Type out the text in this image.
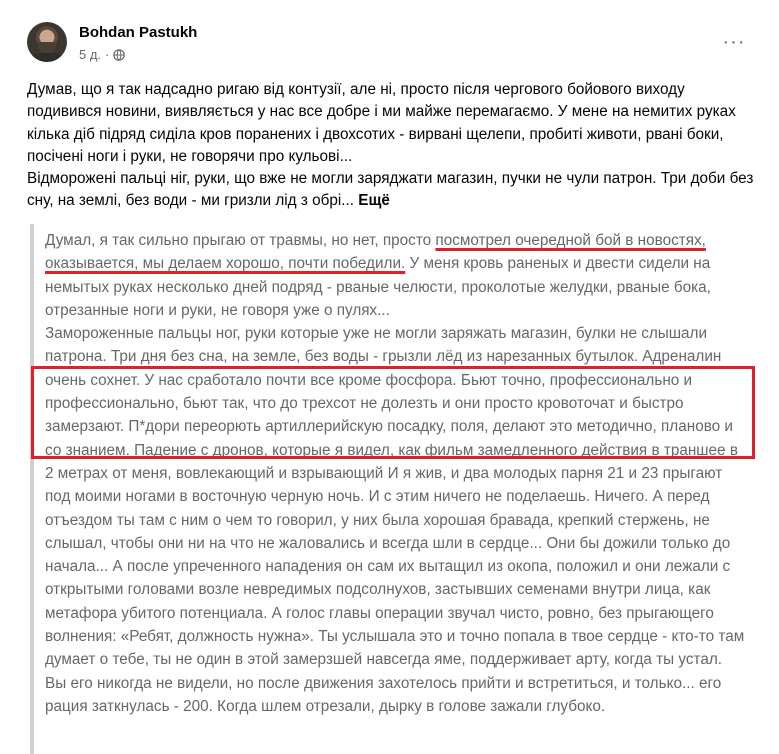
Bohdan Pastukh
5 д. ·
···

Думав, що я так надсадно ригаю від контузії, але ні, просто після чергового бойового виходу подивився новини, виявляється у нас все добре і ми майже перемагаємо. У мене на немитих руках кілька діб підряд сиділа кров поранених і двохсотих - вирвані щелепи, пробиті животи, рвані боки, посічені ноги і руки, не говорячи про кульові...

Відморожені пальці ніг, руки, що вже не могли заряджати магазин, пучки не чули патрон. Три доби без сну, на землі, без води - ми гризли лід з обрі... Ещё

Думал, я так сильно прыгаю от травмы, но нет, просто посмотрел очередной бой в новостях, оказывается, мы делаем хорошо, почти победили. У меня кровь раненых и двести сидели на немытых руках несколько дней подряд - рваные челюсти, проколотые желудки, рваные бока, отрезанные ноги и руки, не говоря уже о пулях...

Замороженные пальцы ног, руки которые уже не могли заряжать магазин, булки не слышали патрона. Три дня без сна, на земле, без воды - грызли лёд из нарезанных бутылок. Адреналин очень сохнет. У нас сработало почти все кроме фосфора. Бьют точно, профессионально и профессионально, бьют так, что до трехсот не долезть и они просто кровоточат и быстро замерзают. П*дори переорють артиллерийскую посадку, поля, делают это методично, планово и со знанием. Падение с дронов, которые я видел, как фильм замедленного действия в траншее в 2 метрах от меня, вовлекающий и взрывающий И я жив, и два молодых парня 21 и 23 прыгают под моими ногами в восточную черную ночь. И с этим ничего не поделаешь. Ничего. А перед отъездом ты там с ним о чем то говорил, у них была хорошая бравада, крепкий стержень, не слышал, чтобы они ни на что не жаловались и всегда шли в сердце... Они бы дожили только до начала... А после упреченного нападения он сам их вытащил из окопа, положил и они лежали с открытыми головами возле невредимых подсолнухов, застывших семенами внутри лица, как метафора убитого потенциала. А голос главы операции звучал чисто, ровно, без прыгающего волнения: «Ребят, должность нужна». Ты услышала это и точно попала в твое сердце - кто-то там думает о тебе, ты не один в этой замерзшей навсегда яме, поддерживает арту, когда ты устал. Вы его никогда не видели, но после движения захотелось прийти и встретиться, и только... его рация заткнулась - 200. Когда шлем отрезали, дырку в голове зажали глубоко.
